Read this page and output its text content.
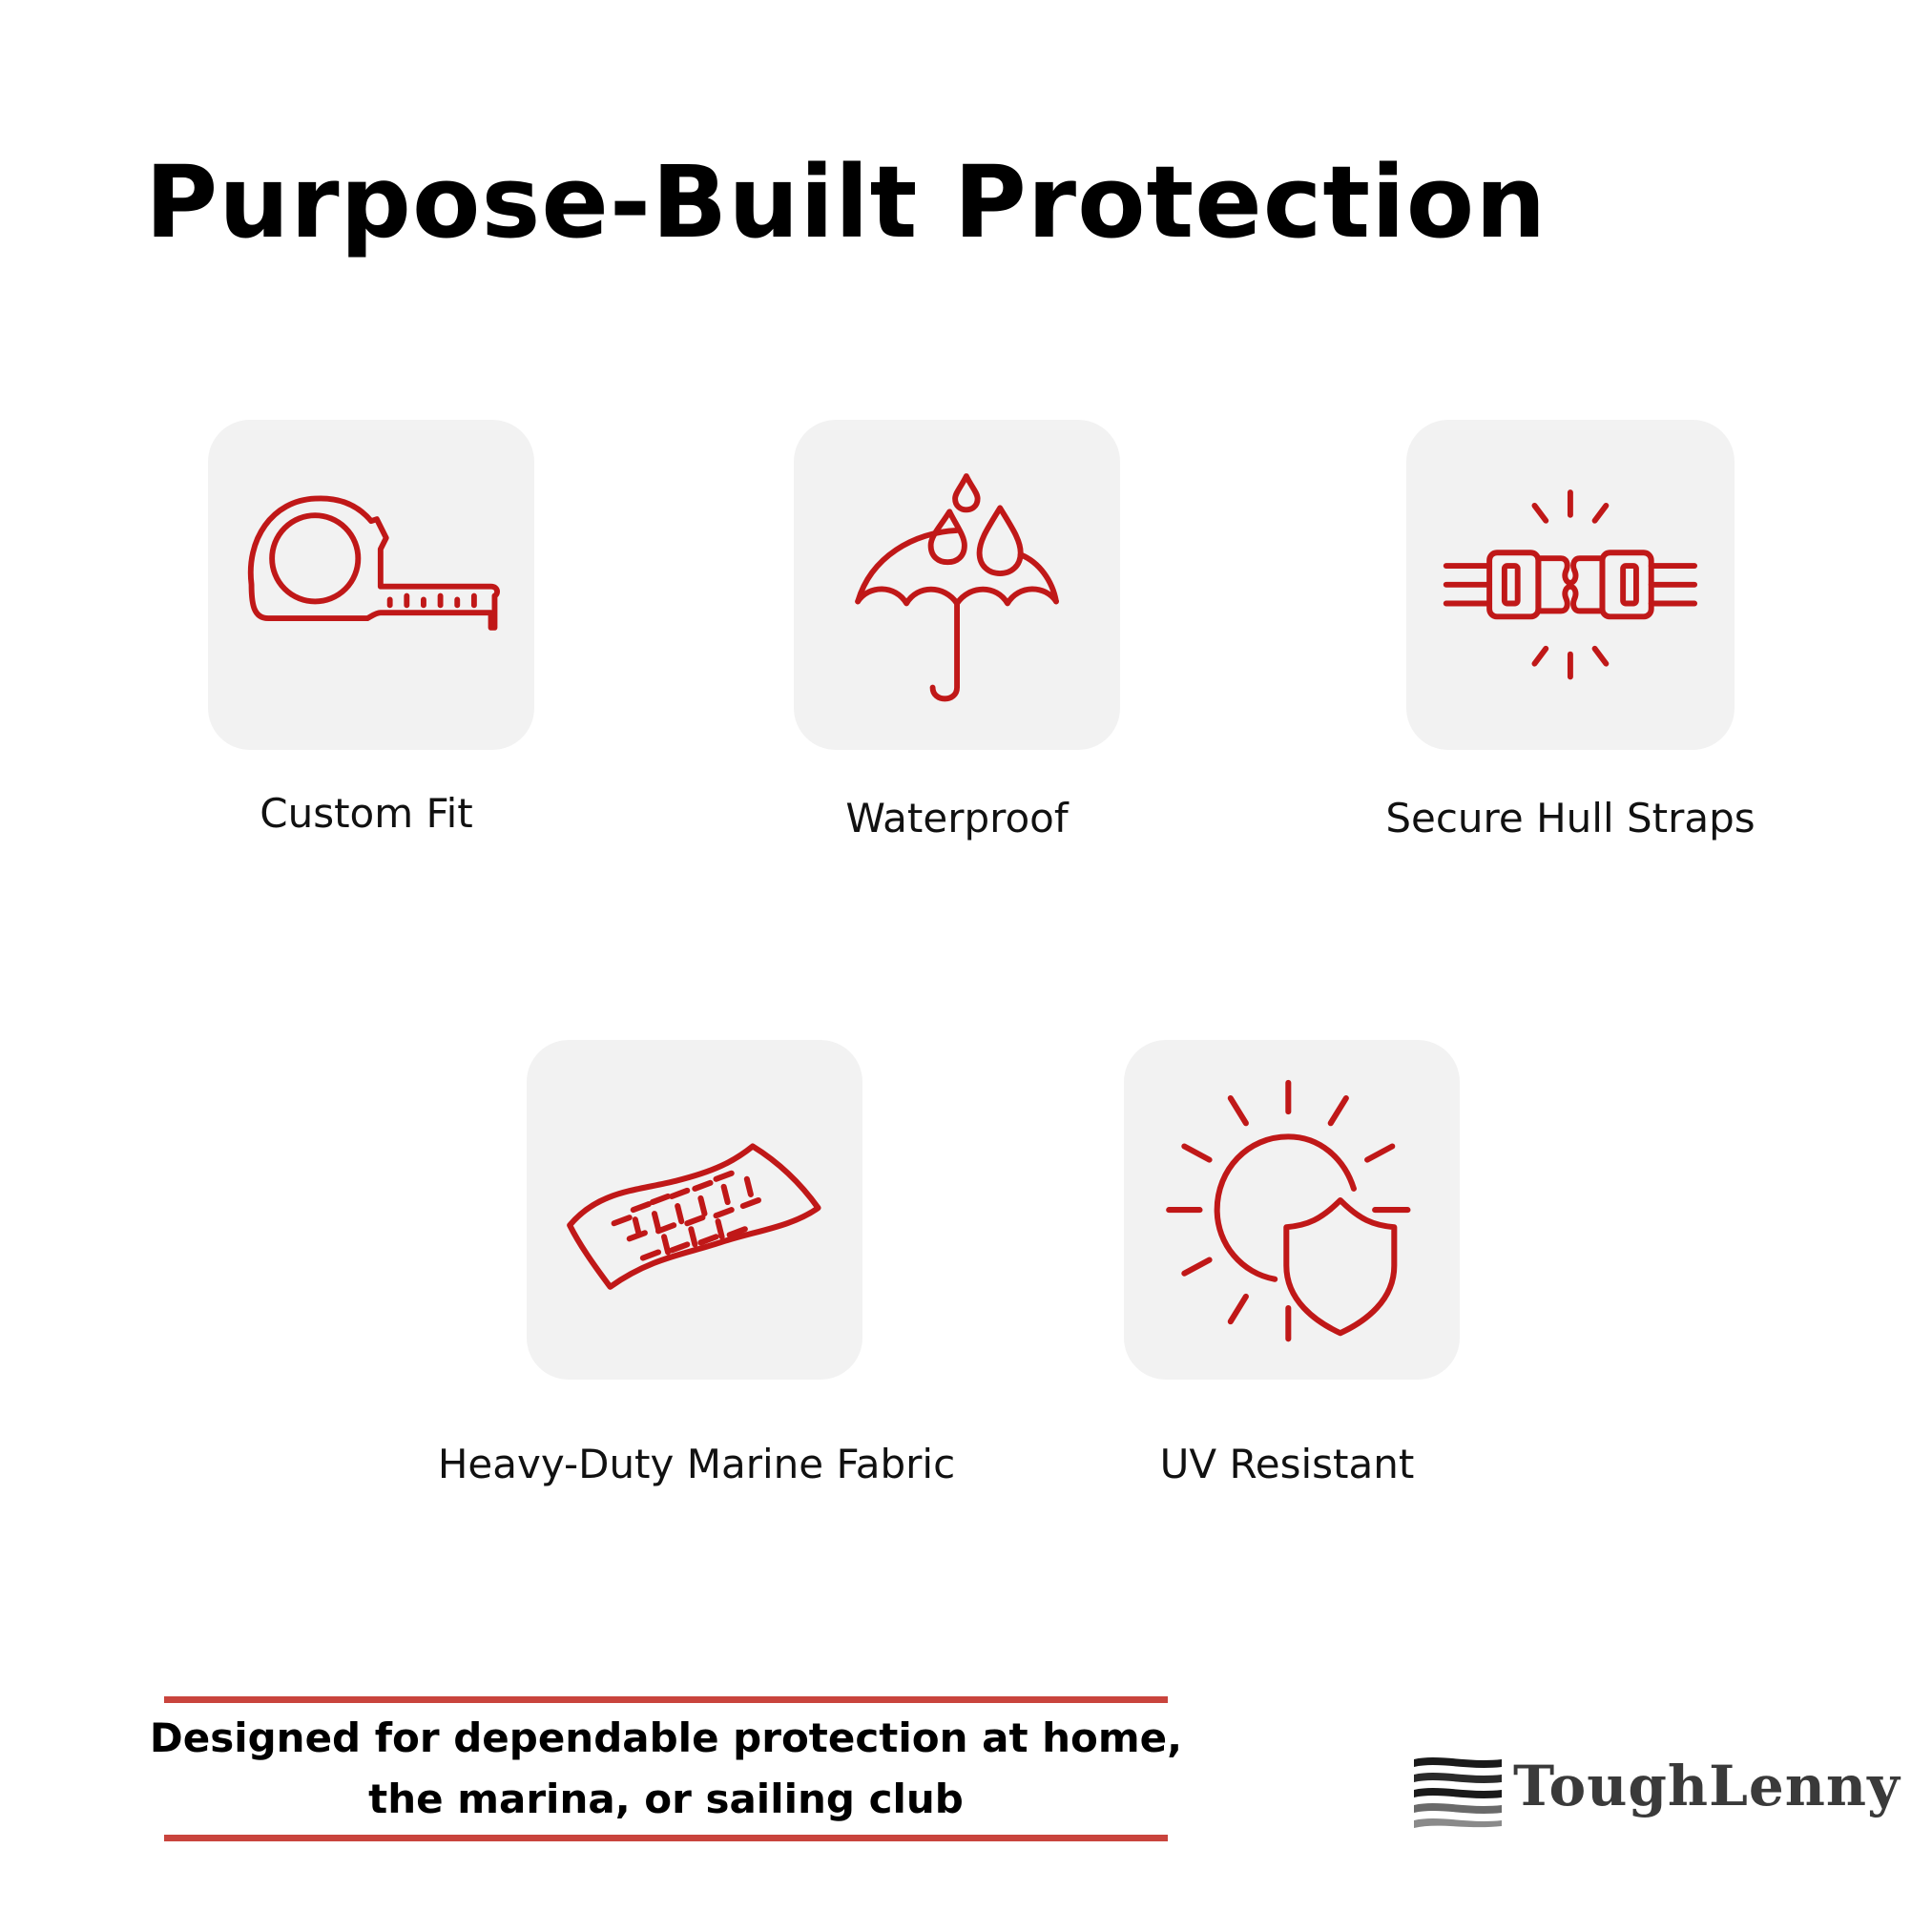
Purpose-Built Protection
Custom Fit	Waterproof	Secure Hull Straps
Heavy-Duty Marine Fabric	UV Resistant
Designed for dependable protection at home,
the marina, or sailing club	ToughLenny
